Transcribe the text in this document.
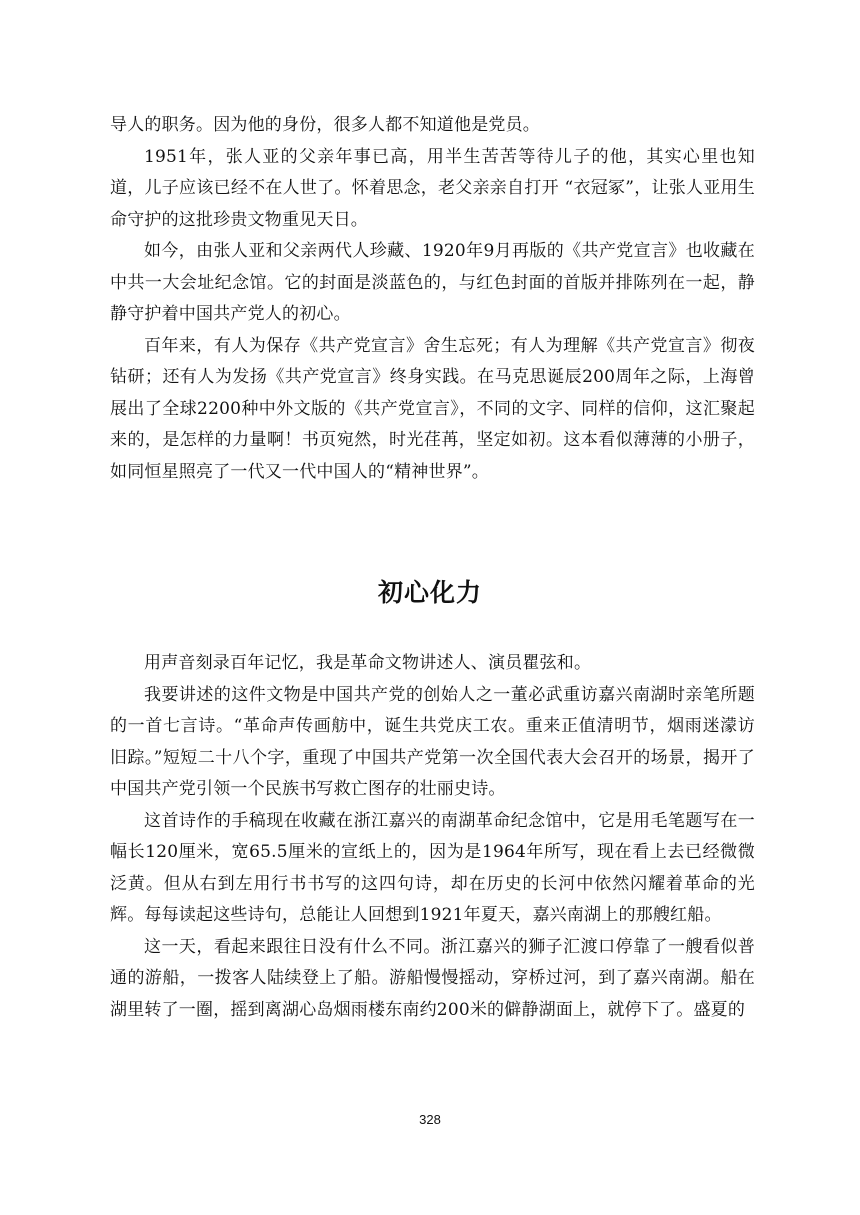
导人的职务。因为他的身份，很多人都不知道他是党员。

1951年，张人亚的父亲年事已高，用半生苦苦等待儿子的他，其实心里也知道，儿子应该已经不在人世了。怀着思念，老父亲亲自打开 “衣冠冢”，让张人亚用生命守护的这批珍贵文物重见天日。

如今，由张人亚和父亲两代人珍藏、1920年9月再版的《共产党宣言》也收藏在中共一大会址纪念馆。它的封面是淡蓝色的，与红色封面的首版并排陈列在一起，静静守护着中国共产党人的初心。

百年来，有人为保存《共产党宣言》舍生忘死；有人为理解《共产党宣言》彻夜钻研；还有人为发扬《共产党宣言》终身实践。在马克思诞辰200周年之际，上海曾展出了全球2200种中外文版的《共产党宣言》，不同的文字、同样的信仰，这汇聚起来的，是怎样的力量啊！书页宛然，时光荏苒，坚定如初。这本看似薄薄的小册子，如同恒星照亮了一代又一代中国人的“精神世界”。

初心化力

用声音刻录百年记忆，我是革命文物讲述人、演员瞿弦和。

我要讲述的这件文物是中国共产党的创始人之一董必武重访嘉兴南湖时亲笔所题的一首七言诗。“革命声传画舫中，诞生共党庆工农。重来正值清明节，烟雨迷濛访旧踪。”短短二十八个字，重现了中国共产党第一次全国代表大会召开的场景，揭开了中国共产党引领一个民族书写救亡图存的壮丽史诗。

这首诗作的手稿现在收藏在浙江嘉兴的南湖革命纪念馆中，它是用毛笔题写在一幅长120厘米，宽65.5厘米的宣纸上的，因为是1964年所写，现在看上去已经微微泛黄。但从右到左用行书书写的这四句诗，却在历史的长河中依然闪耀着革命的光辉。每每读起这些诗句，总能让人回想到1921年夏天，嘉兴南湖上的那艘红船。

这一天，看起来跟往日没有什么不同。浙江嘉兴的狮子汇渡口停靠了一艘看似普通的游船，一拨客人陆续登上了船。游船慢慢摇动，穿桥过河，到了嘉兴南湖。船在湖里转了一圈，摇到离湖心岛烟雨楼东南约200米的僻静湖面上，就停下了。盛夏的

328
